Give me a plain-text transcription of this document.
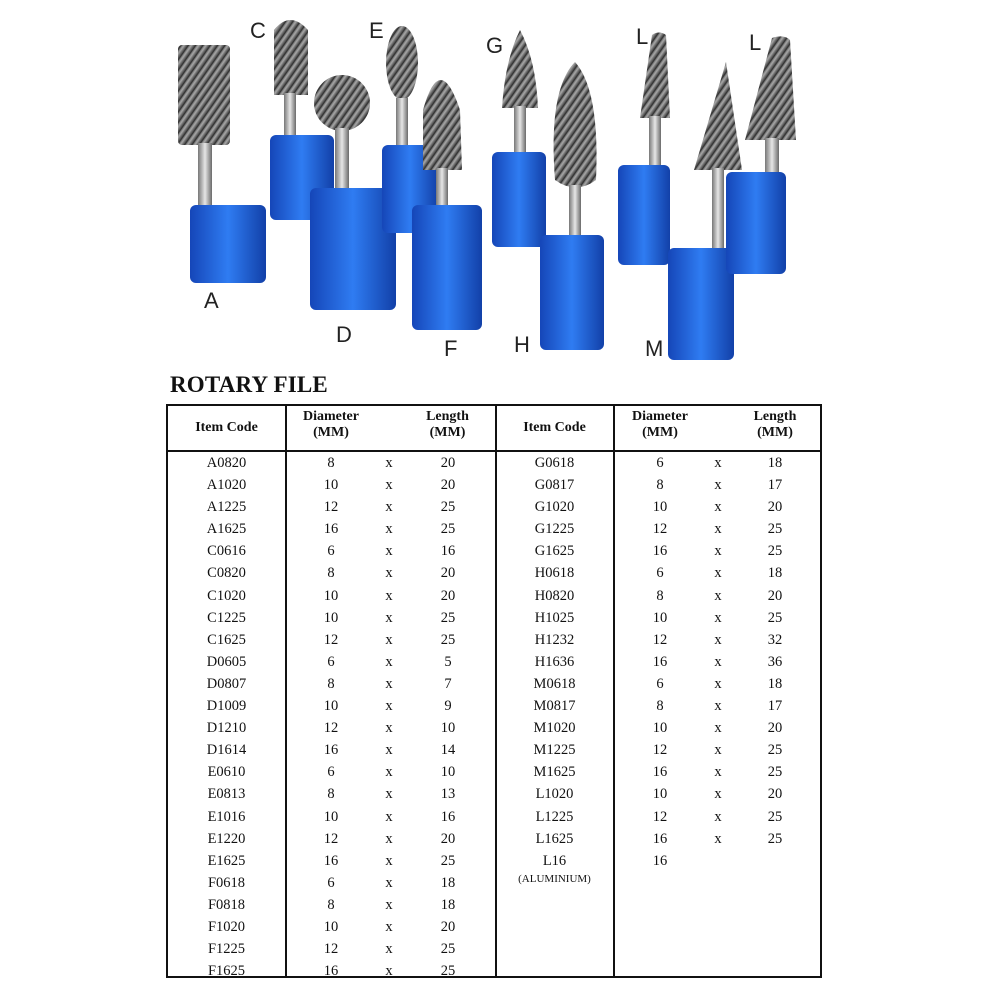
A
C
D
E
F
G
H
L	L
M
ROTARY FILE
Item Code
Diameter
(MM)
Length
(MM)	Item Code
Diameter
(MM)
Length
(MM)
A0820
A1020
A1225
A1625
C0616
C0820
C1020
C1225
C1625
D0605
D0807
D1009
D1210
D1614
E0610
E0813
E1016
E1220
E1625
F0618
F0818
F1020
F1225
F1625
8
10
12
16
6
8
10
10
12
6
8
10
12
16
6
8
10
12
16
6
8
10
12
16
x
x
x
x
x
x
x
x
x
x
x
x
x
x
x
x
x
x
x
x
x
x
x
x
20
20
25
25
16
20
20
25
25
5
7
9
10
14
10
13
16
20
25
18
18
20
25
25
G0618
G0817
G1020
G1225
G1625
H0618
H0820
H1025
H1232
H1636
M0618
M0817
M1020
M1225
M1625
L1020
L1225
L1625
L16
(ALUMINIUM)
6
8
10
12
16
6
8
10
12
16
6
8
10
12
16
10
12
16
16
x
x
x
x
x
x
x
x
x
x
x
x
x
x
x
x
x
x
18
17
20
25
25
18
20
25
32
36
18
17
20
25
25
20
25
25
